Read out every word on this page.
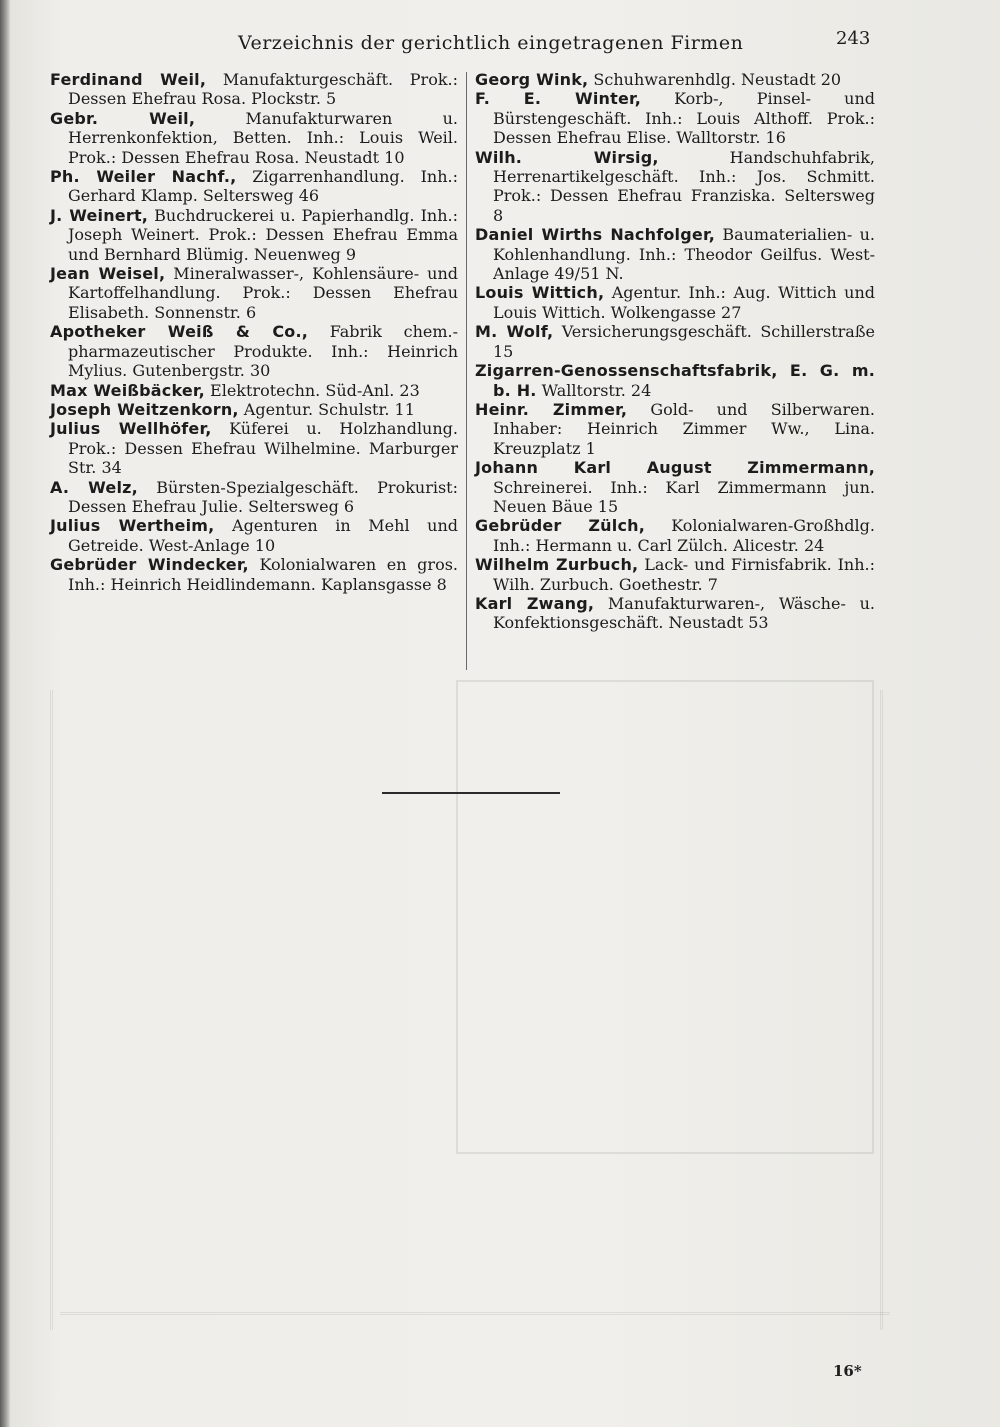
Verzeichnis der gerichtlich eingetragenen Firmen	243

Ferdinand Weil, Manufakturgeschäft. Prok.: Dessen Ehefrau Rosa. Plockstr. 5

Gebr. Weil, Manufakturwaren u. Herrenkonfektion, Betten. Inh.: Louis Weil. Prok.: Dessen Ehefrau Rosa. Neustadt 10

Ph. Weiler Nachf., Zigarrenhandlung. Inh.: Gerhard Klamp. Seltersweg 46

J. Weinert, Buchdruckerei u. Papierhandlg. Inh.: Joseph Weinert. Prok.: Dessen Ehefrau Emma und Bernhard Blümig. Neuenweg 9

Jean Weisel, Mineralwasser-, Kohlensäure- und Kartoffelhandlung. Prok.: Dessen Ehefrau Elisabeth. Sonnenstr. 6

Apotheker Weiß & Co., Fabrik chem.-pharmazeutischer Produkte. Inh.: Heinrich Mylius. Gutenbergstr. 30

Max Weißbäcker, Elektrotechn. Süd-Anl. 23

Joseph Weitzenkorn, Agentur. Schulstr. 11

Julius Wellhöfer, Küferei u. Holzhandlung. Prok.: Dessen Ehefrau Wilhelmine. Marburger Str. 34

A. Welz, Bürsten-Spezialgeschäft. Prokurist: Dessen Ehefrau Julie. Seltersweg 6

Julius Wertheim, Agenturen in Mehl und Getreide. West-Anlage 10

Gebrüder Windecker, Kolonialwaren en gros. Inh.: Heinrich Heidlindemann. Kaplansgasse 8

Georg Wink, Schuhwarenhdlg. Neustadt 20

F. E. Winter, Korb-, Pinsel- und Bürstengeschäft. Inh.: Louis Althoff. Prok.: Dessen Ehefrau Elise. Walltorstr. 16

Wilh. Wirsig, Handschuhfabrik, Herrenartikelgeschäft. Inh.: Jos. Schmitt. Prok.: Dessen Ehefrau Franziska. Seltersweg 8

Daniel Wirths Nachfolger, Baumaterialien- u. Kohlenhandlung. Inh.: Theodor Geilfus. West-Anlage 49/51 N.

Louis Wittich, Agentur. Inh.: Aug. Wittich und Louis Wittich. Wolkengasse 27

M. Wolf, Versicherungsgeschäft. Schillerstraße 15

Zigarren-Genossenschaftsfabrik, E. G. m. b. H. Walltorstr. 24

Heinr. Zimmer, Gold- und Silberwaren. Inhaber: Heinrich Zimmer Ww., Lina. Kreuzplatz 1

Johann Karl August Zimmermann, Schreinerei. Inh.: Karl Zimmermann jun. Neuen Bäue 15

Gebrüder Zülch, Kolonialwaren-Großhdlg. Inh.: Hermann u. Carl Zülch. Alicestr. 24

Wilhelm Zurbuch, Lack- und Firnisfabrik. Inh.: Wilh. Zurbuch. Goethestr. 7

Karl Zwang, Manufakturwaren-, Wäsche- u. Konfektionsgeschäft. Neustadt 53

16*
